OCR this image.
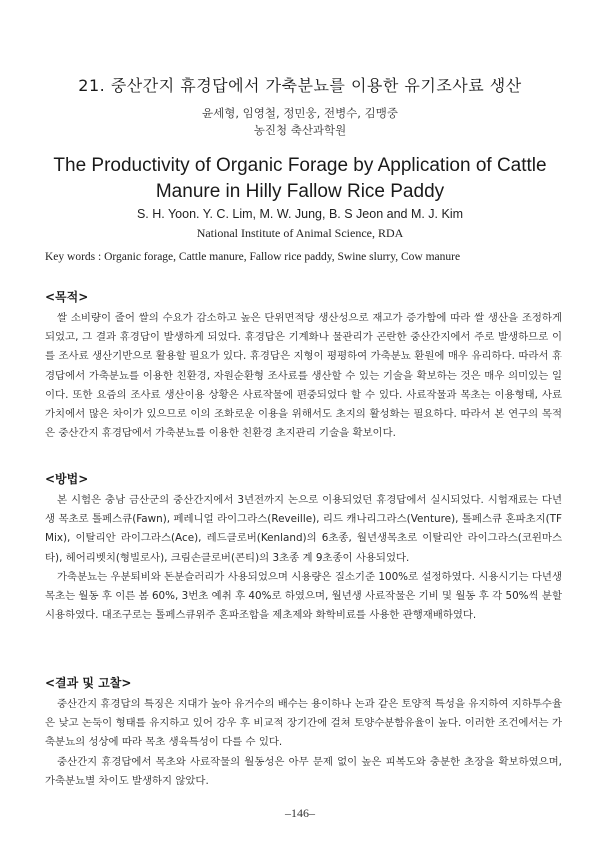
21. 중산간지 휴경답에서 가축분뇨를 이용한 유기조사료 생산
윤세형, 임영철, 정민웅, 전병수, 김맹중
농진청 축산과학원
The Productivity of Organic Forage by Application of Cattle Manure in Hilly Fallow Rice Paddy
S. H. Yoon. Y. C. Lim, M. W. Jung, B. S Jeon and M. J. Kim
National Institute of Animal Science, RDA
Key words : Organic forage, Cattle manure, Fallow rice paddy, Swine slurry, Cow manure

<목적>

쌀 소비량이 줄어 쌀의 수요가 감소하고 높은 단위면적당 생산성으로 재고가 증가함에 따라 쌀 생산을 조정하게 되었고, 그 결과 휴경답이 발생하게 되었다. 휴경답은 기계화나 물관리가 곤란한 중산간지에서 주로 발생하므로 이를 조사료 생산기반으로 활용할 필요가 있다. 휴경답은 지형이 평평하여 가축분뇨 환원에 매우 유리하다. 따라서 휴경답에서 가축분뇨를 이용한 친환경, 자원순환형 조사료를 생산할 수 있는 기술을 확보하는 것은 매우 의미있는 일이다. 또한 요즘의 조사료 생산이용 상황은 사료작물에 편중되었다 할 수 있다. 사료작물과 목초는 이용형태, 사료가치에서 많은 차이가 있으므로 이의 조화로운 이용을 위해서도 초지의 활성화는 필요하다. 따라서 본 연구의 목적은 중산간지 휴경답에서 가축분뇨를 이용한 친환경 초지관리 기술을 확보이다.

<방법>

본 시험은 충남 금산군의 중산간지에서 3년전까지 논으로 이용되었던 휴경답에서 실시되었다. 시험재료는 다년생 목초로 톨페스큐(Fawn), 페레니얼 라이그라스(Reveille), 리드 캐나리그라스(Venture), 톨페스큐 혼파초지(TF Mix), 이탈리안 라이그라스(Ace), 레드클로버(Kenland)의 6초종, 월년생목초로 이탈리안 라이그라스(코윈마스타), 헤어리벳치(형빌로사), 크림손클로버(콘티)의 3초종 계 9초종이 사용되었다.

가축분뇨는 우분퇴비와 돈분슬러리가 사용되었으며 시용량은 질소기준 100%로 설정하였다. 시용시기는 다년생목초는 월동 후 이른 봄 60%, 3번초 예취 후 40%로 하였으며, 월년생 사료작물은 기비 및 월동 후 각 50%씩 분할 시용하였다. 대조구로는 톨페스큐위주 혼파조합을 제초제와 화학비료를 사용한 관행재배하였다.

<결과 및 고찰>

중산간지 휴경답의 특징은 지대가 높아 유거수의 배수는 용이하나 논과 같은 토양적 특성을 유지하여 지하투수율은 낮고 논둑이 형태를 유지하고 있어 강우 후 비교적 장기간에 걸쳐 토양수분함유율이 높다. 이러한 조건에서는 가축분뇨의 성상에 따라 목초 생육특성이 다를 수 있다.

중산간지 휴경답에서 목초와 사료작물의 월동성은 아무 문제 없이 높은 피복도와 충분한 초장을 확보하였으며, 가축분뇨별 차이도 발생하지 않았다.

–146–
